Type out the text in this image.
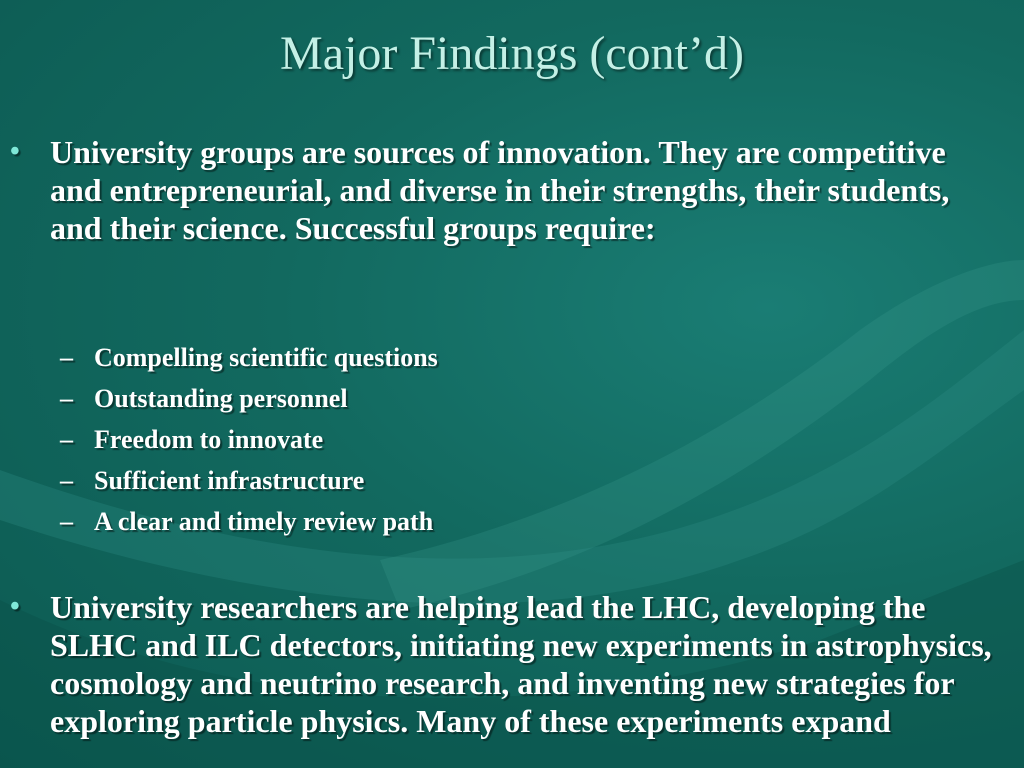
Major Findings (cont’d)
• University groups are sources of innovation. They are competitive and entrepreneurial, and diverse in their strengths, their students, and their science. Successful groups require:
– Compelling scientific questions
– Outstanding personnel
– Freedom to innovate
– Sufficient infrastructure
– A clear and timely review path
• University researchers are helping lead the LHC, developing the SLHC and ILC detectors, initiating new experiments in astrophysics, cosmology and neutrino research, and inventing new strategies for exploring particle physics. Many of these experiments expand
